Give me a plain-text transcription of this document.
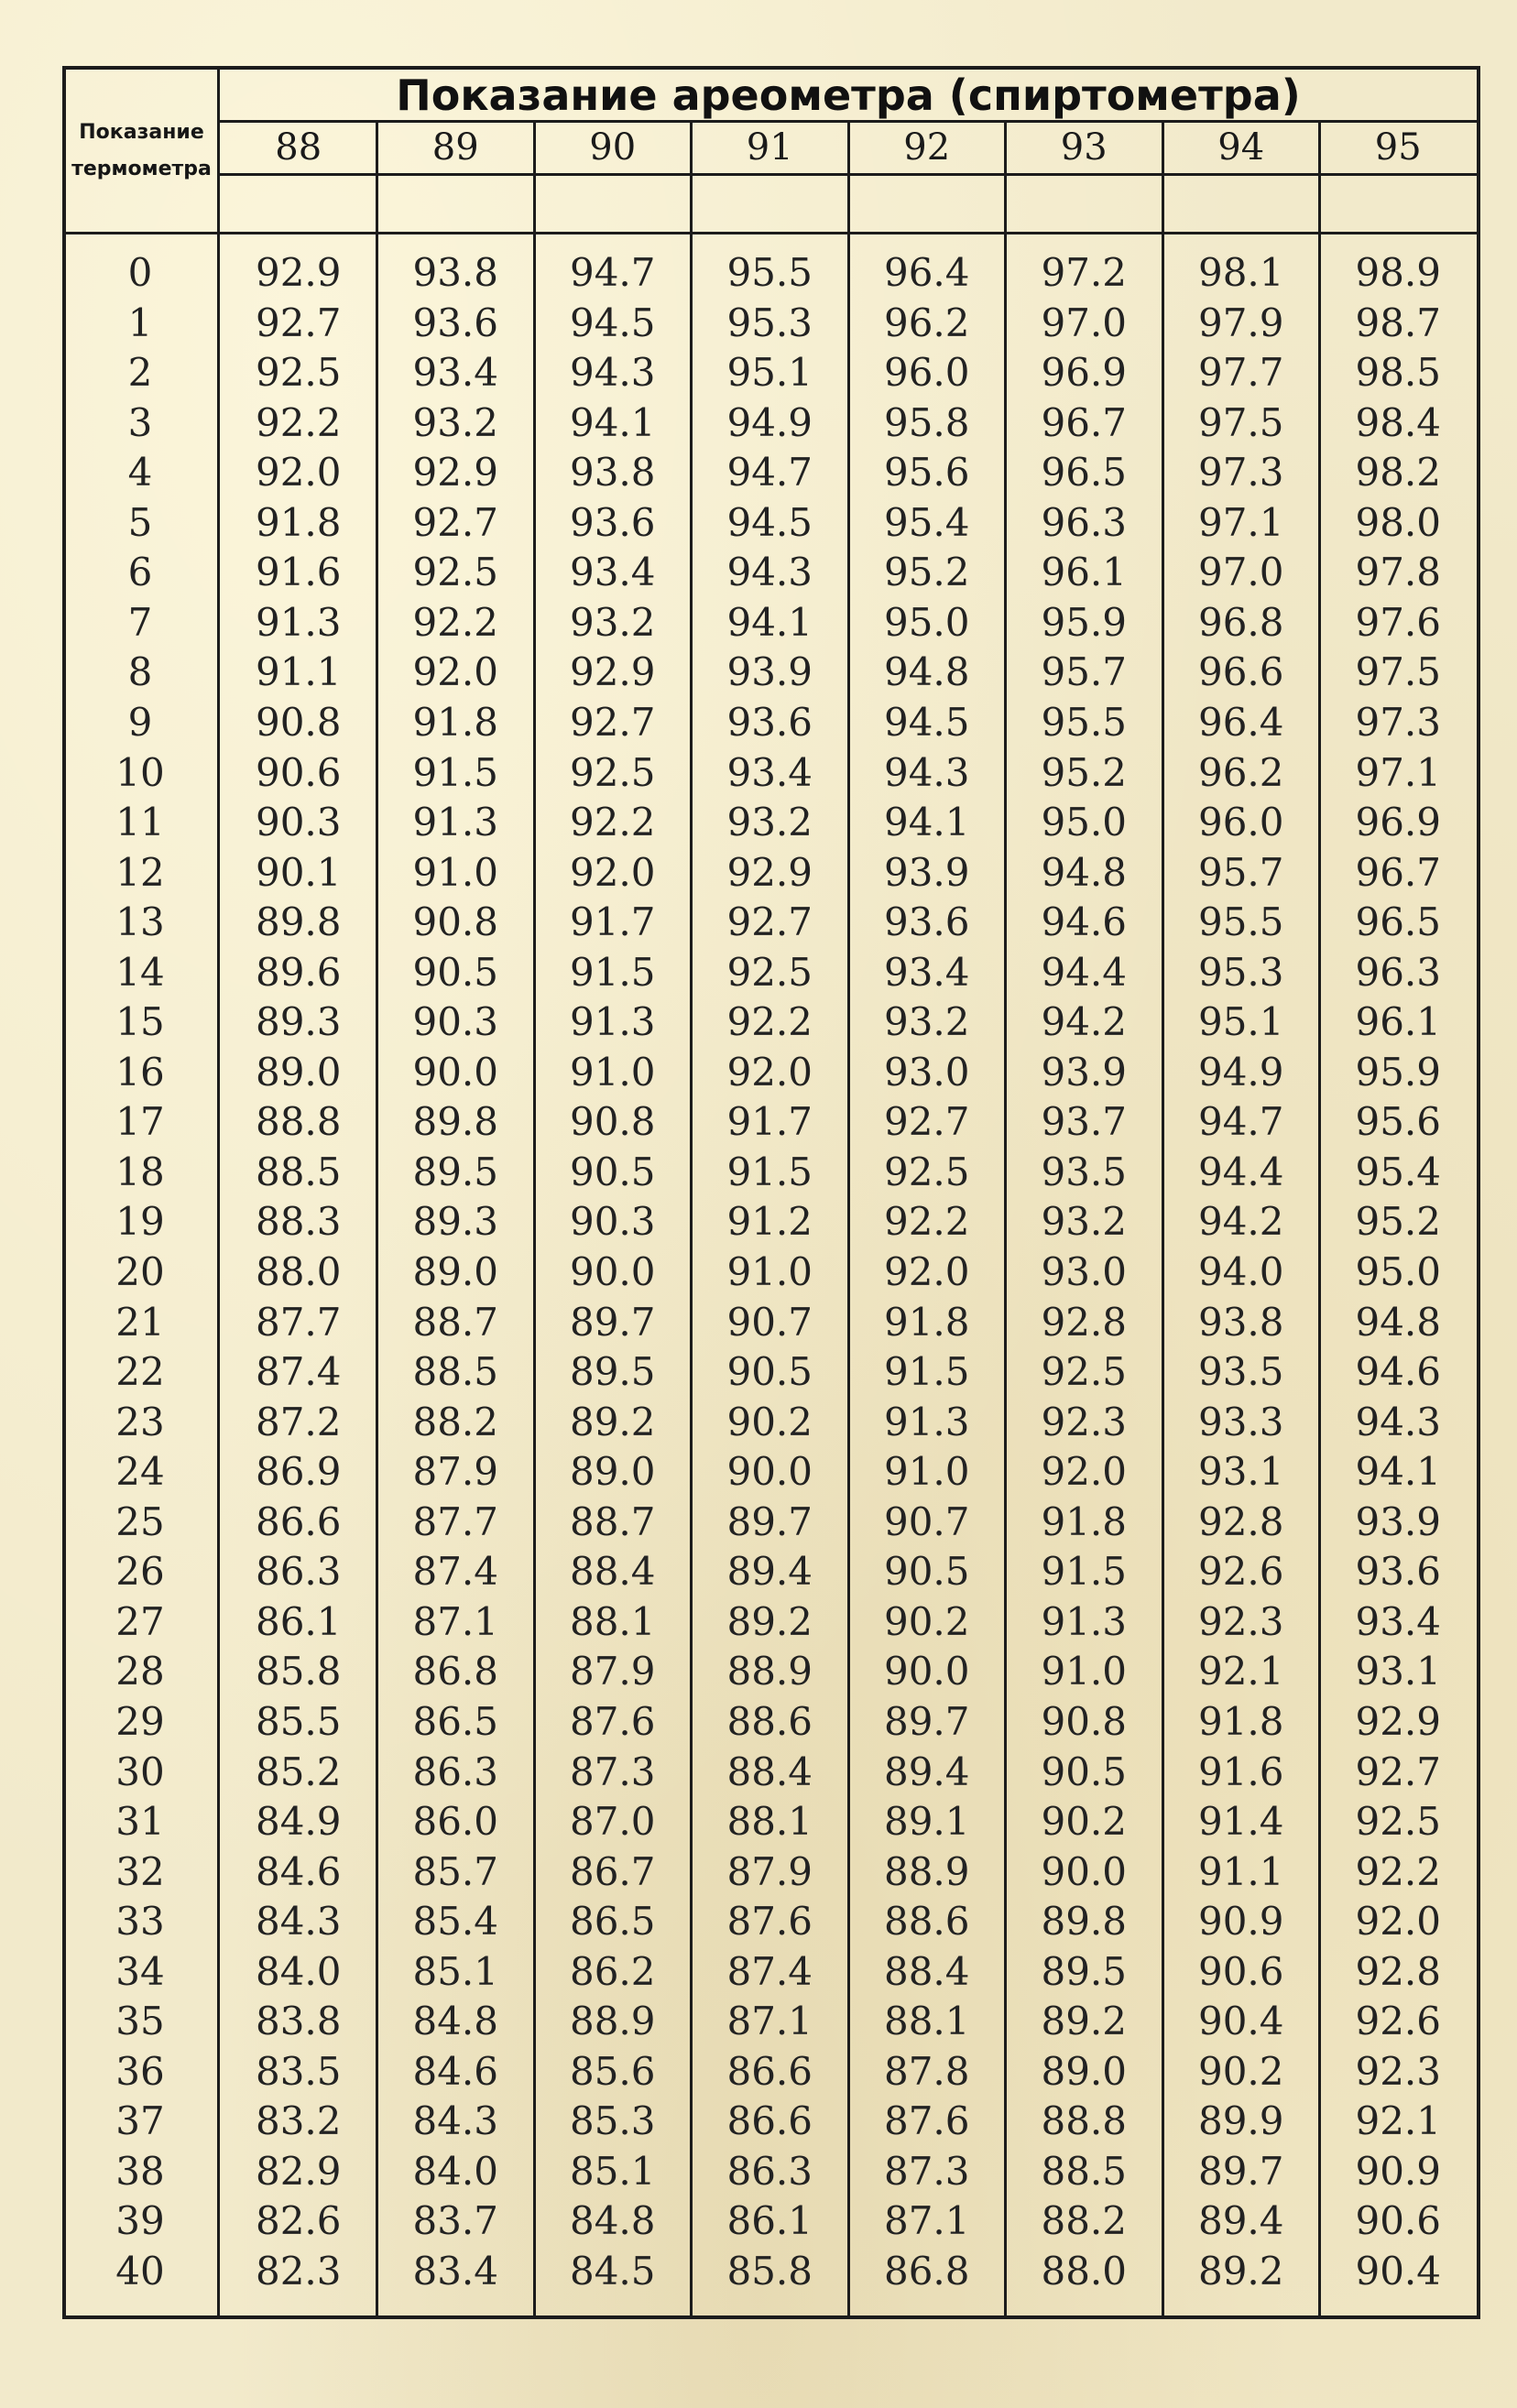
Показание
термометра
Показание ареометра (спиртометра)
88	89	90	91	92	93	94	95
0	92.9	93.8	94.7	95.5	96.4	97.2	98.1	98.9
1	92.7	93.6	94.5	95.3	96.2	97.0	97.9	98.7
2	92.5	93.4	94.3	95.1	96.0	96.9	97.7	98.5
3	92.2	93.2	94.1	94.9	95.8	96.7	97.5	98.4
4	92.0	92.9	93.8	94.7	95.6	96.5	97.3	98.2
5	91.8	92.7	93.6	94.5	95.4	96.3	97.1	98.0
6	91.6	92.5	93.4	94.3	95.2	96.1	97.0	97.8
7	91.3	92.2	93.2	94.1	95.0	95.9	96.8	97.6
8	91.1	92.0	92.9	93.9	94.8	95.7	96.6	97.5
9	90.8	91.8	92.7	93.6	94.5	95.5	96.4	97.3
10	90.6	91.5	92.5	93.4	94.3	95.2	96.2	97.1
11	90.3	91.3	92.2	93.2	94.1	95.0	96.0	96.9
12	90.1	91.0	92.0	92.9	93.9	94.8	95.7	96.7
13	89.8	90.8	91.7	92.7	93.6	94.6	95.5	96.5
14	89.6	90.5	91.5	92.5	93.4	94.4	95.3	96.3
15	89.3	90.3	91.3	92.2	93.2	94.2	95.1	96.1
16	89.0	90.0	91.0	92.0	93.0	93.9	94.9	95.9
17	88.8	89.8	90.8	91.7	92.7	93.7	94.7	95.6
18	88.5	89.5	90.5	91.5	92.5	93.5	94.4	95.4
19	88.3	89.3	90.3	91.2	92.2	93.2	94.2	95.2
20	88.0	89.0	90.0	91.0	92.0	93.0	94.0	95.0
21	87.7	88.7	89.7	90.7	91.8	92.8	93.8	94.8
22	87.4	88.5	89.5	90.5	91.5	92.5	93.5	94.6
23	87.2	88.2	89.2	90.2	91.3	92.3	93.3	94.3
24	86.9	87.9	89.0	90.0	91.0	92.0	93.1	94.1
25	86.6	87.7	88.7	89.7	90.7	91.8	92.8	93.9
26	86.3	87.4	88.4	89.4	90.5	91.5	92.6	93.6
27	86.1	87.1	88.1	89.2	90.2	91.3	92.3	93.4
28	85.8	86.8	87.9	88.9	90.0	91.0	92.1	93.1
29	85.5	86.5	87.6	88.6	89.7	90.8	91.8	92.9
30	85.2	86.3	87.3	88.4	89.4	90.5	91.6	92.7
31	84.9	86.0	87.0	88.1	89.1	90.2	91.4	92.5
32	84.6	85.7	86.7	87.9	88.9	90.0	91.1	92.2
33	84.3	85.4	86.5	87.6	88.6	89.8	90.9	92.0
34	84.0	85.1	86.2	87.4	88.4	89.5	90.6	92.8
35	83.8	84.8	88.9	87.1	88.1	89.2	90.4	92.6
36	83.5	84.6	85.6	86.6	87.8	89.0	90.2	92.3
37	83.2	84.3	85.3	86.6	87.6	88.8	89.9	92.1
38	82.9	84.0	85.1	86.3	87.3	88.5	89.7	90.9
39	82.6	83.7	84.8	86.1	87.1	88.2	89.4	90.6
40	82.3	83.4	84.5	85.8	86.8	88.0	89.2	90.4
